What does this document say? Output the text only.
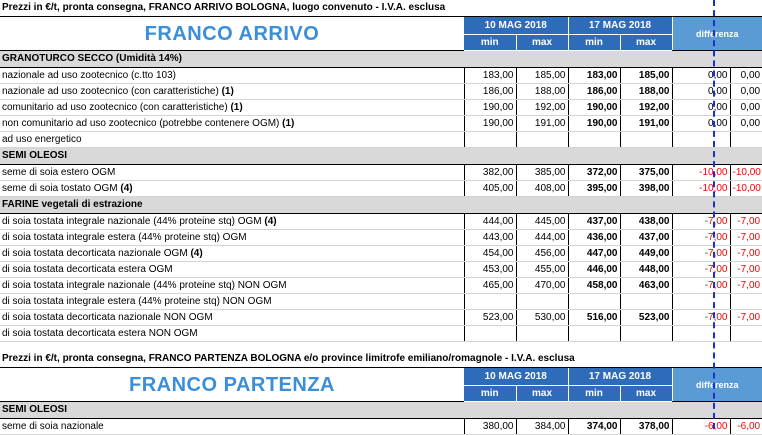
Prezzi in €/t, pronta consegna, FRANCO ARRIVO BOLOGNA, luogo convenuto - I.V.A. esclusa						
FRANCO ARRIVO	10 MAG 2018		17 MAG 2018		differenza	
	min	max	min	max		
GRANOTURCO SECCO (Umidità 14%)						
nazionale ad uso zootecnico (c.tto 103)	183,00	185,00	183,00	185,00	0,00	0,00
nazionale ad uso zootecnico (con caratteristiche) (1)	186,00	188,00	186,00	188,00	0,00	0,00
comunitario ad uso zootecnico (con caratteristiche) (1)	190,00	192,00	190,00	192,00	0,00	0,00
non comunitario ad uso zootecnico (potrebbe contenere OGM) (1)	190,00	191,00	190,00	191,00	0,00	0,00
ad uso energetico						
SEMI OLEOSI						
seme di soia estero OGM	382,00	385,00	372,00	375,00	-10,00	-10,00
seme di soia tostato OGM (4)	405,00	408,00	395,00	398,00	-10,00	-10,00
FARINE vegetali di estrazione						
di soia tostata integrale nazionale (44% proteine stq) OGM (4)	444,00	445,00	437,00	438,00	-7,00	-7,00
di soia tostata integrale estera (44% proteine stq) OGM	443,00	444,00	436,00	437,00	-7,00	-7,00
di soia tostata decorticata nazionale OGM (4)	454,00	456,00	447,00	449,00	-7,00	-7,00
di soia tostata decorticata estera OGM	453,00	455,00	446,00	448,00	-7,00	-7,00
di soia tostata integrale nazionale (44% proteine stq) NON OGM	465,00	470,00	458,00	463,00	-7,00	-7,00
di soia tostata integrale estera (44% proteine stq) NON OGM						
di soia tostata decorticata nazionale NON OGM	523,00	530,00	516,00	523,00	-7,00	-7,00
di soia tostata decorticata estera NON OGM						

Prezzi in €/t, pronta consegna, FRANCO PARTENZA BOLOGNA e/o province limitrofe emiliano/romagnole - I.V.A. esclusa						
FRANCO PARTENZA	10 MAG 2018		17 MAG 2018		differenza	
	min	max	min	max		
SEMI OLEOSI						
seme di soia nazionale	380,00	384,00	374,00	378,00	-6,00	-6,00
